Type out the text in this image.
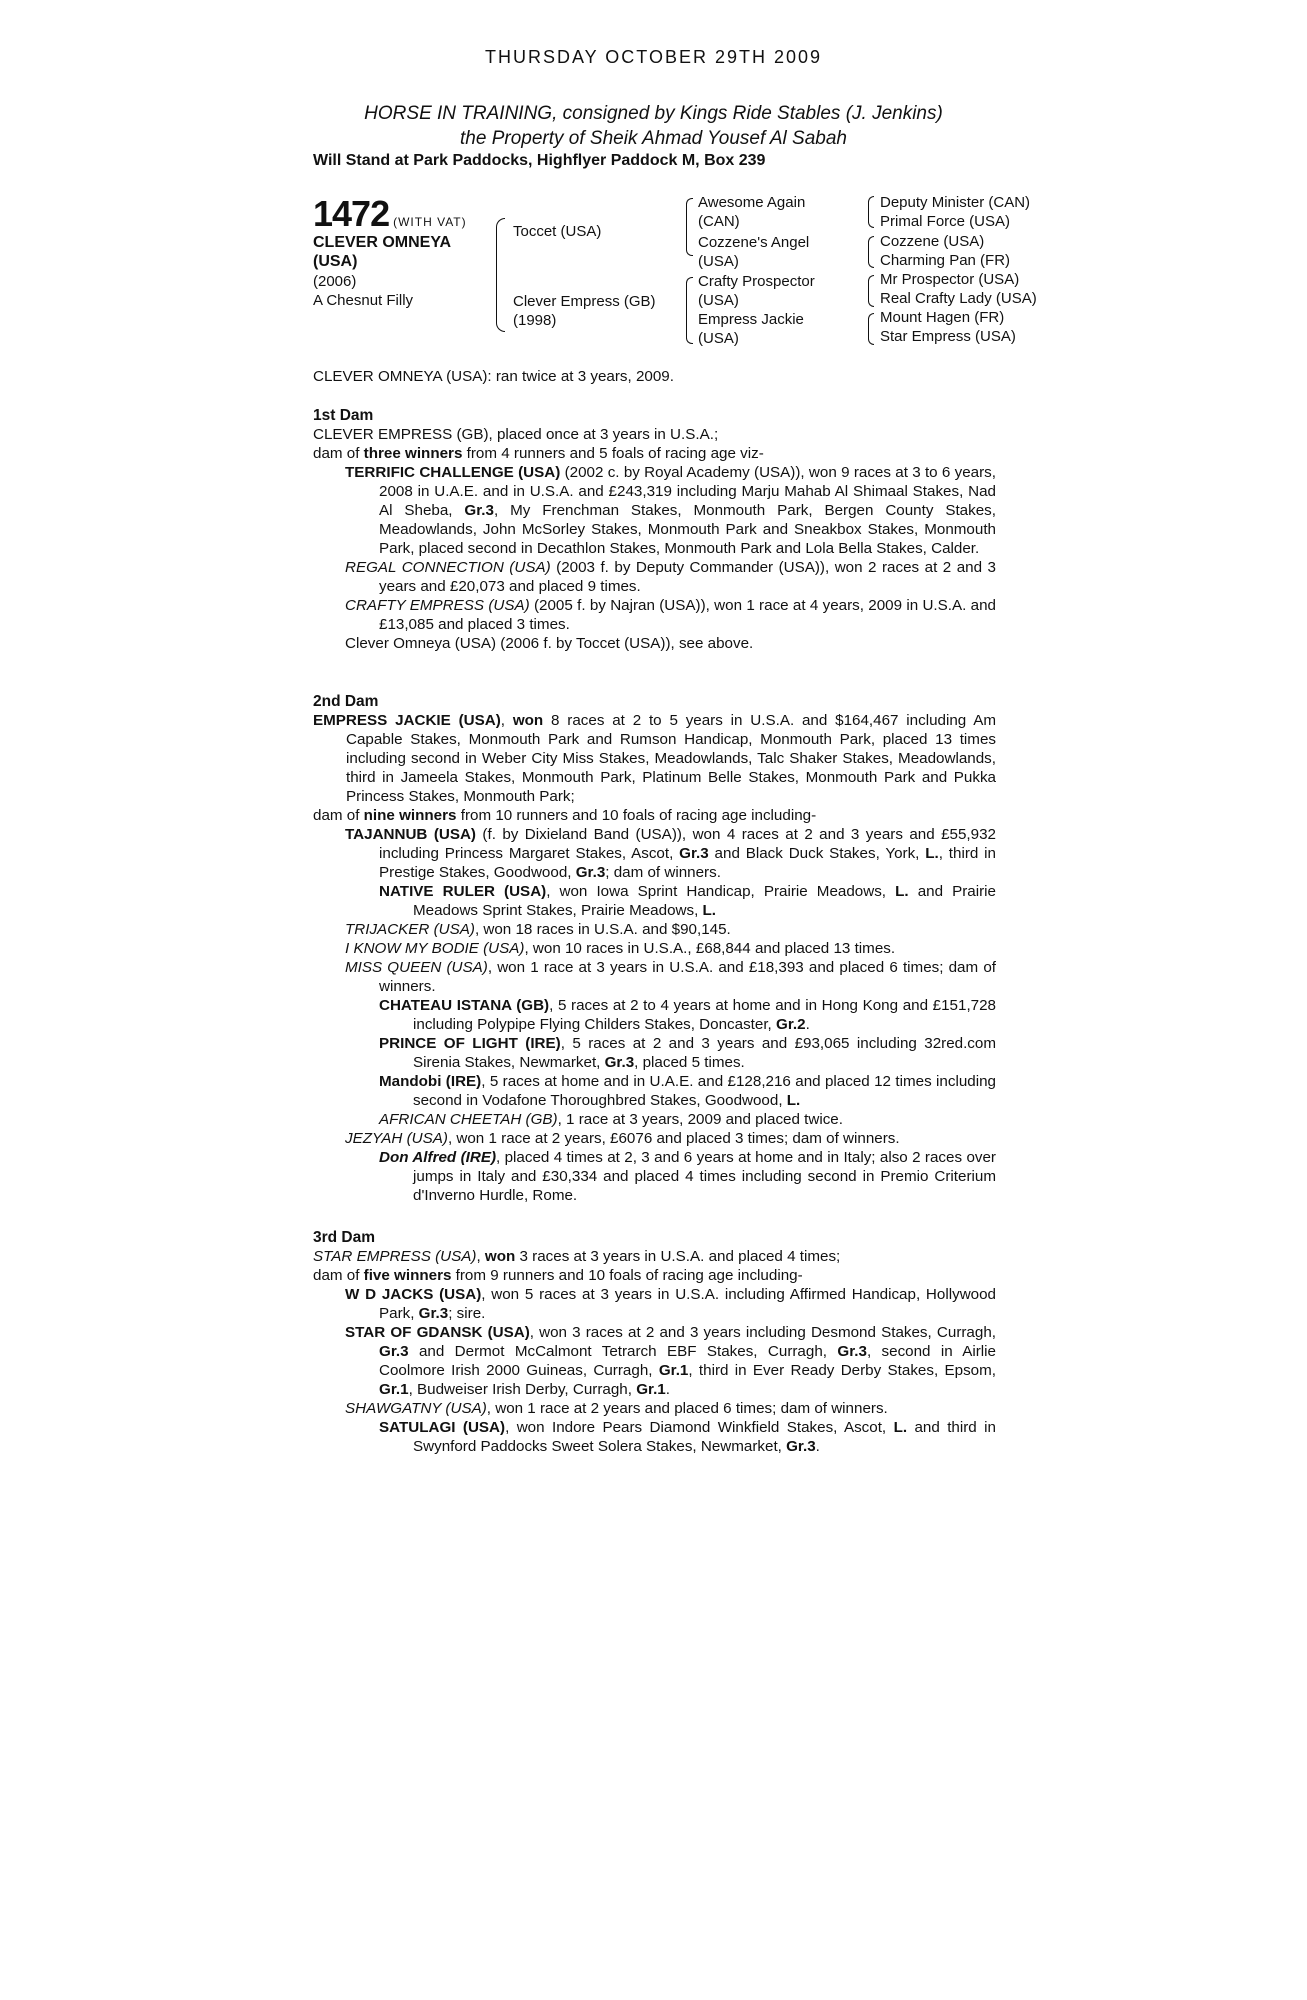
THURSDAY OCTOBER 29TH 2009
HORSE IN TRAINING, consigned by Kings Ride Stables (J. Jenkins)
the Property of Sheik Ahmad Yousef Al Sabah
Will Stand at Park Paddocks, Highflyer Paddock M, Box 239
1472 (WITH VAT)
CLEVER OMNEYA
(USA)
(2006)
A Chesnut Filly
Toccet (USA)
Clever Empress (GB)
(1998)
Awesome Again
(CAN)
Cozzene's Angel
(USA)
Crafty Prospector
(USA)
Empress Jackie
(USA)
Deputy Minister (CAN)
Primal Force (USA)
Cozzene (USA)
Charming Pan (FR)
Mr Prospector (USA)
Real Crafty Lady (USA)
Mount Hagen (FR)
Star Empress (USA)
CLEVER OMNEYA (USA): ran twice at 3 years, 2009.
1st Dam

CLEVER EMPRESS (GB), placed once at 3 years in U.S.A.;

dam of three winners from 4 runners and 5 foals of racing age viz-

TERRIFIC CHALLENGE (USA) (2002 c. by Royal Academy (USA)), won 9 races at 3 to 6 years, 2008 in U.A.E. and in U.S.A. and £243,319 including Marju Mahab Al Shimaal Stakes, Nad Al Sheba, Gr.3, My Frenchman Stakes, Monmouth Park, Bergen County Stakes, Meadowlands, John McSorley Stakes, Monmouth Park and Sneakbox Stakes, Monmouth Park, placed second in Decathlon Stakes, Monmouth Park and Lola Bella Stakes, Calder.

REGAL CONNECTION (USA) (2003 f. by Deputy Commander (USA)), won 2 races at 2 and 3 years and £20,073 and placed 9 times.

CRAFTY EMPRESS (USA) (2005 f. by Najran (USA)), won 1 race at 4 years, 2009 in U.S.A. and £13,085 and placed 3 times.

Clever Omneya (USA) (2006 f. by Toccet (USA)), see above.

2nd Dam

EMPRESS JACKIE (USA), won 8 races at 2 to 5 years in U.S.A. and $164,467 including Am Capable Stakes, Monmouth Park and Rumson Handicap, Monmouth Park, placed 13 times including second in Weber City Miss Stakes, Meadowlands, Talc Shaker Stakes, Meadowlands, third in Jameela Stakes, Monmouth Park, Platinum Belle Stakes, Monmouth Park and Pukka Princess Stakes, Monmouth Park;

dam of nine winners from 10 runners and 10 foals of racing age including-

TAJANNUB (USA) (f. by Dixieland Band (USA)), won 4 races at 2 and 3 years and £55,932 including Princess Margaret Stakes, Ascot, Gr.3 and Black Duck Stakes, York, L., third in Prestige Stakes, Goodwood, Gr.3; dam of winners.

NATIVE RULER (USA), won Iowa Sprint Handicap, Prairie Meadows, L. and Prairie Meadows Sprint Stakes, Prairie Meadows, L.

TRIJACKER (USA), won 18 races in U.S.A. and $90,145.

I KNOW MY BODIE (USA), won 10 races in U.S.A., £68,844 and placed 13 times.

MISS QUEEN (USA), won 1 race at 3 years in U.S.A. and £18,393 and placed 6 times; dam of winners.

CHATEAU ISTANA (GB), 5 races at 2 to 4 years at home and in Hong Kong and £151,728 including Polypipe Flying Childers Stakes, Doncaster, Gr.2.

PRINCE OF LIGHT (IRE), 5 races at 2 and 3 years and £93,065 including 32red.com Sirenia Stakes, Newmarket, Gr.3, placed 5 times.

Mandobi (IRE), 5 races at home and in U.A.E. and £128,216 and placed 12 times including second in Vodafone Thoroughbred Stakes, Goodwood, L.

AFRICAN CHEETAH (GB), 1 race at 3 years, 2009 and placed twice.

JEZYAH (USA), won 1 race at 2 years, £6076 and placed 3 times; dam of winners.

Don Alfred (IRE), placed 4 times at 2, 3 and 6 years at home and in Italy; also 2 races over jumps in Italy and £30,334 and placed 4 times including second in Premio Criterium d'Inverno Hurdle, Rome.

3rd Dam

STAR EMPRESS (USA), won 3 races at 3 years in U.S.A. and placed 4 times;

dam of five winners from 9 runners and 10 foals of racing age including-

W D JACKS (USA), won 5 races at 3 years in U.S.A. including Affirmed Handicap, Hollywood Park, Gr.3; sire.

STAR OF GDANSK (USA), won 3 races at 2 and 3 years including Desmond Stakes, Curragh, Gr.3 and Dermot McCalmont Tetrarch EBF Stakes, Curragh, Gr.3, second in Airlie Coolmore Irish 2000 Guineas, Curragh, Gr.1, third in Ever Ready Derby Stakes, Epsom, Gr.1, Budweiser Irish Derby, Curragh, Gr.1.

SHAWGATNY (USA), won 1 race at 2 years and placed 6 times; dam of winners.

SATULAGI (USA), won Indore Pears Diamond Winkfield Stakes, Ascot, L. and third in Swynford Paddocks Sweet Solera Stakes, Newmarket, Gr.3.
